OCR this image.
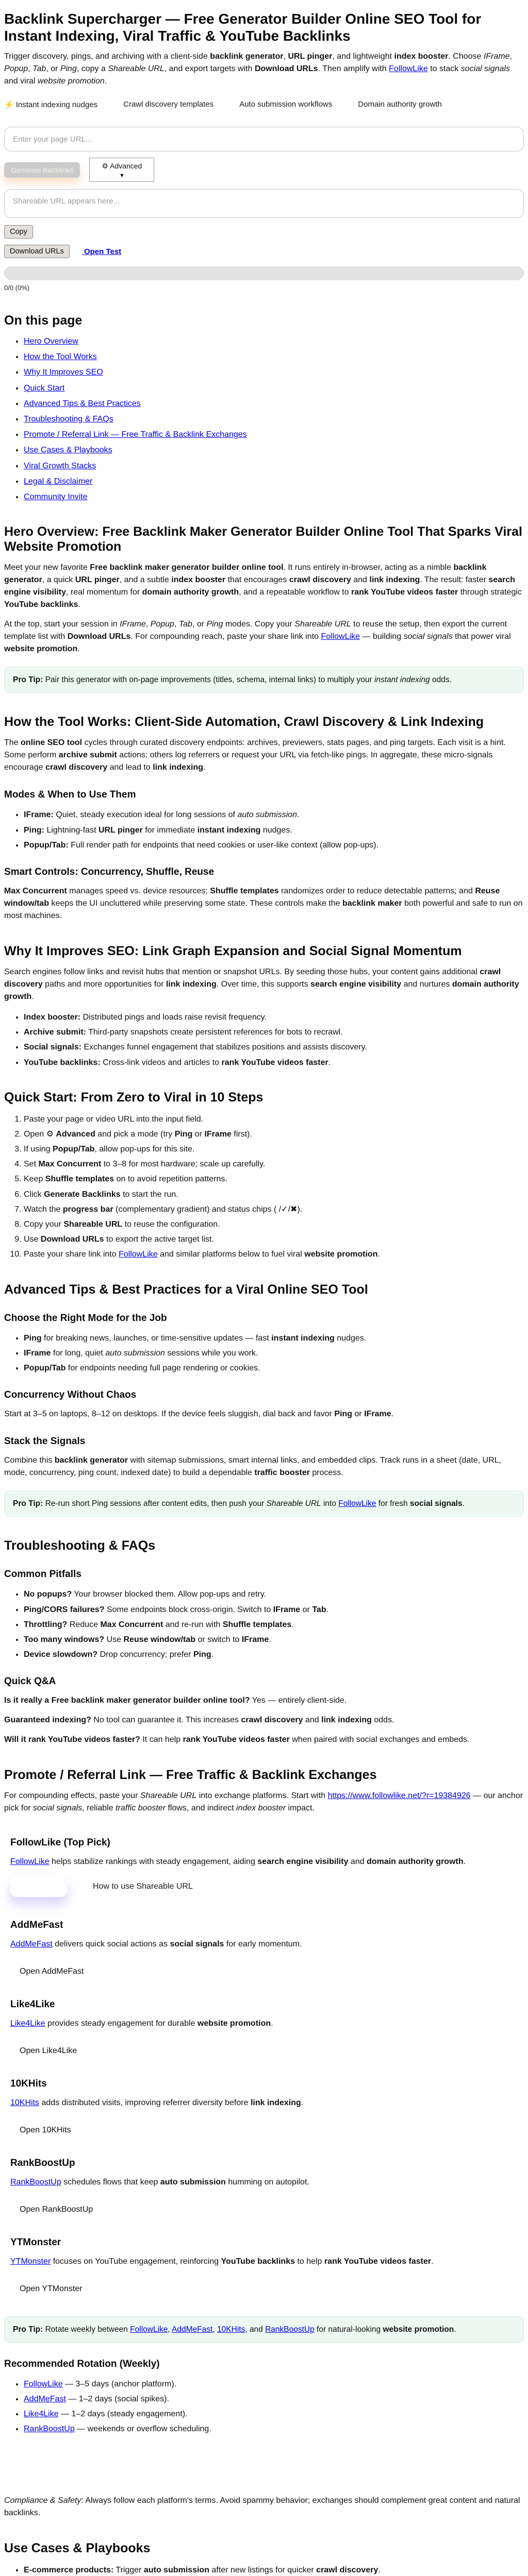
Backlink Supercharger — Free Generator Builder Online SEO Tool for Instant Indexing, Viral Traffic & YouTube Backlinks

Trigger discovery, pings, and archiving with a client-side backlink generator, URL pinger, and lightweight index booster. Choose IFrame, Popup, Tab, or Ping, copy a Shareable URL, and export targets with Download URLs. Then amplify with FollowLike to stack social signals and viral website promotion.

⚡ Instant indexing nudges	Crawl discovery templates	Auto submission workflows	Domain authority growth
Enter your page URL...
Generate Backlinks	⚙ Advanced
▼
Shareable URL appears here... Copy
Download URLs	Open Test
0/0 (0%)
On this page
• Hero Overview
• How the Tool Works
• Why It Improves SEO
• Quick Start
• Advanced Tips & Best Practices
• Troubleshooting & FAQs
• Promote / Referral Link — Free Traffic & Backlink Exchanges
• Use Cases & Playbooks
• Viral Growth Stacks
• Legal & Disclaimer
• Community Invite
Hero Overview: Free Backlink Maker Generator Builder Online Tool That Sparks Viral Website Promotion

Meet your new favorite Free backlink maker generator builder online tool. It runs entirely in-browser, acting as a nimble backlink generator, a quick URL pinger, and a subtle index booster that encourages crawl discovery and link indexing. The result: faster search engine visibility, real momentum for domain authority growth, and a repeatable workflow to rank YouTube videos faster through strategic YouTube backlinks.

At the top, start your session in IFrame, Popup, Tab, or Ping modes. Copy your Shareable URL to reuse the setup, then export the current template list with Download URLs. For compounding reach, paste your share link into FollowLike — building social signals that power viral website promotion.

Pro Tip: Pair this generator with on-page improvements (titles, schema, internal links) to multiply your instant indexing odds.
How the Tool Works: Client-Side Automation, Crawl Discovery & Link Indexing

The online SEO tool cycles through curated discovery endpoints: archives, previewers, stats pages, and ping targets. Each visit is a hint. Some perform archive submit actions; others log referrers or request your URL via fetch-like pings. In aggregate, these micro-signals encourage crawl discovery and lead to link indexing.

Modes & When to Use Them
• IFrame: Quiet, steady execution ideal for long sessions of auto submission.
• Ping: Lightning-fast URL pinger for immediate instant indexing nudges.
• Popup/Tab: Full render path for endpoints that need cookies or user-like context (allow pop-ups).
Smart Controls: Concurrency, Shuffle, Reuse

Max Concurrent manages speed vs. device resources; Shuffle templates randomizes order to reduce detectable patterns; and Reuse window/tab keeps the UI uncluttered while preserving some state. These controls make the backlink maker both powerful and safe to run on most machines.

Why It Improves SEO: Link Graph Expansion and Social Signal Momentum

Search engines follow links and revisit hubs that mention or snapshot URLs. By seeding those hubs, your content gains additional crawl discovery paths and more opportunities for link indexing. Over time, this supports search engine visibility and nurtures domain authority growth.

• Index booster: Distributed pings and loads raise revisit frequency.
• Archive submit: Third-party snapshots create persistent references for bots to recrawl.
• Social signals: Exchanges funnel engagement that stabilizes positions and assists discovery.
• YouTube backlinks: Cross-link videos and articles to rank YouTube videos faster.
Quick Start: From Zero to Viral in 10 Steps
1. Paste your page or video URL into the input field.
2. Open ⚙ Advanced and pick a mode (try Ping or IFrame first).
3. If using Popup/Tab, allow pop-ups for this site.
4. Set Max Concurrent to 3–8 for most hardware; scale up carefully.
5. Keep Shuffle templates on to avoid repetition patterns.
6. Click Generate Backlinks to start the run.
7. Watch the progress bar (complementary gradient) and status chips ( /✓/✖).
8. Copy your Shareable URL to reuse the configuration.
9. Use Download URLs to export the active target list.
10. Paste your share link into FollowLike and similar platforms below to fuel viral website promotion.
Advanced Tips & Best Practices for a Viral Online SEO Tool
Choose the Right Mode for the Job
• Ping for breaking news, launches, or time-sensitive updates — fast instant indexing nudges.
• IFrame for long, quiet auto submission sessions while you work.
• Popup/Tab for endpoints needing full page rendering or cookies.
Concurrency Without Chaos

Start at 3–5 on laptops, 8–12 on desktops. If the device feels sluggish, dial back and favor Ping or IFrame.

Stack the Signals

Combine this backlink generator with sitemap submissions, smart internal links, and embedded clips. Track runs in a sheet (date, URL, mode, concurrency, ping count, indexed date) to build a dependable traffic booster process.

Pro Tip: Re-run short Ping sessions after content edits, then push your Shareable URL into FollowLike for fresh social signals.
Troubleshooting & FAQs
Common Pitfalls
• No popups? Your browser blocked them. Allow pop-ups and retry.
• Ping/CORS failures? Some endpoints block cross-origin. Switch to IFrame or Tab.
• Throttling? Reduce Max Concurrent and re-run with Shuffle templates.
• Too many windows? Use Reuse window/tab or switch to IFrame.
• Device slowdown? Drop concurrency; prefer Ping.
Quick Q&A

Is it really a Free backlink maker generator builder online tool? Yes — entirely client-side.

Guaranteed indexing? No tool can guarantee it. This increases crawl discovery and link indexing odds.

Will it rank YouTube videos faster? It can help rank YouTube videos faster when paired with social exchanges and embeds.

Promote / Referral Link — Free Traffic & Backlink Exchanges

For compounding effects, paste your Shareable URL into exchange platforms. Start with https://www.followlike.net/?r=19384926 — our anchor pick for social signals, reliable traffic booster flows, and indirect index booster impact.

FollowLike (Top Pick)

FollowLike helps stabilize rankings with steady engagement, aiding search engine visibility and domain authority growth.

Open FollowLike	How to use Shareable URL
AddMeFast

AddMeFast delivers quick social actions as social signals for early momentum.

Open AddMeFast
Like4Like

Like4Like provides steady engagement for durable website promotion.

Open Like4Like
10KHits

10KHits adds distributed visits, improving referrer diversity before link indexing.

Open 10KHits
RankBoostUp

RankBoostUp schedules flows that keep auto submission humming on autopilot.

Open RankBoostUp
YTMonster

YTMonster focuses on YouTube engagement, reinforcing YouTube backlinks to help rank YouTube videos faster.

Open YTMonster
Pro Tip: Rotate weekly between FollowLike, AddMeFast, 10KHits, and RankBoostUp for natural-looking website promotion.
Recommended Rotation (Weekly)
• FollowLike — 3–5 days (anchor platform).
• AddMeFast — 1–2 days (social spikes).
• Like4Like — 1–2 days (steady engagement).
• RankBoostUp — weekends or overflow scheduling.

Compliance & Safety: Always follow each platform's terms. Avoid spammy behavior; exchanges should complement great content and natural backlinks.

Use Cases & Playbooks
• E-commerce products: Trigger auto submission after new listings for quicker crawl discovery.
